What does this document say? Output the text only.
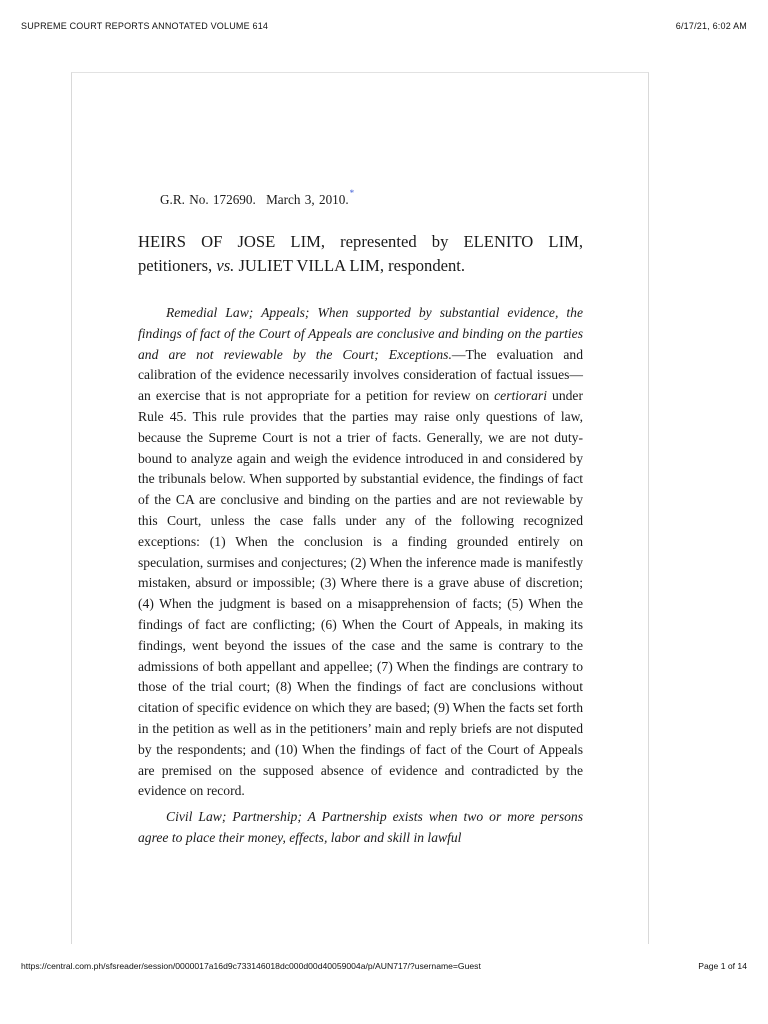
SUPREME COURT REPORTS ANNOTATED VOLUME 614	6/17/21, 6:02 AM
G.R. No. 172690. March 3, 2010.*
HEIRS OF JOSE LIM, represented by ELENITO LIM, petitioners, vs. JULIET VILLA LIM, respondent.

Remedial Law; Appeals; When supported by substantial evidence, the findings of fact of the Court of Appeals are conclusive and binding on the parties and are not reviewable by the Court; Exceptions.—The evaluation and calibration of the evidence necessarily involves consideration of factual issues—an exercise that is not appropriate for a petition for review on certiorari under Rule 45. This rule provides that the parties may raise only questions of law, because the Supreme Court is not a trier of facts. Generally, we are not duty-bound to analyze again and weigh the evidence introduced in and considered by the tribunals below. When supported by substantial evidence, the findings of fact of the CA are conclusive and binding on the parties and are not reviewable by this Court, unless the case falls under any of the following recognized exceptions: (1) When the conclusion is a finding grounded entirely on speculation, surmises and conjectures; (2) When the inference made is manifestly mistaken, absurd or impossible; (3) Where there is a grave abuse of discretion; (4) When the judgment is based on a misapprehension of facts; (5) When the findings of fact are conflicting; (6) When the Court of Appeals, in making its findings, went beyond the issues of the case and the same is contrary to the admissions of both appellant and appellee; (7) When the findings are contrary to those of the trial court; (8) When the findings of fact are conclusions without citation of specific evidence on which they are based; (9) When the facts set forth in the petition as well as in the petitioners’ main and reply briefs are not disputed by the respondents; and (10) When the findings of fact of the Court of Appeals are premised on the supposed absence of evidence and contradicted by the evidence on record.

Civil Law; Partnership; A Partnership exists when two or more persons agree to place their money, effects, labor and skill in lawful

https://central.com.ph/sfsreader/session/0000017a16d9c733146018dc000d00d40059004a/p/AUN717/?username=Guest	Page 1 of 14
